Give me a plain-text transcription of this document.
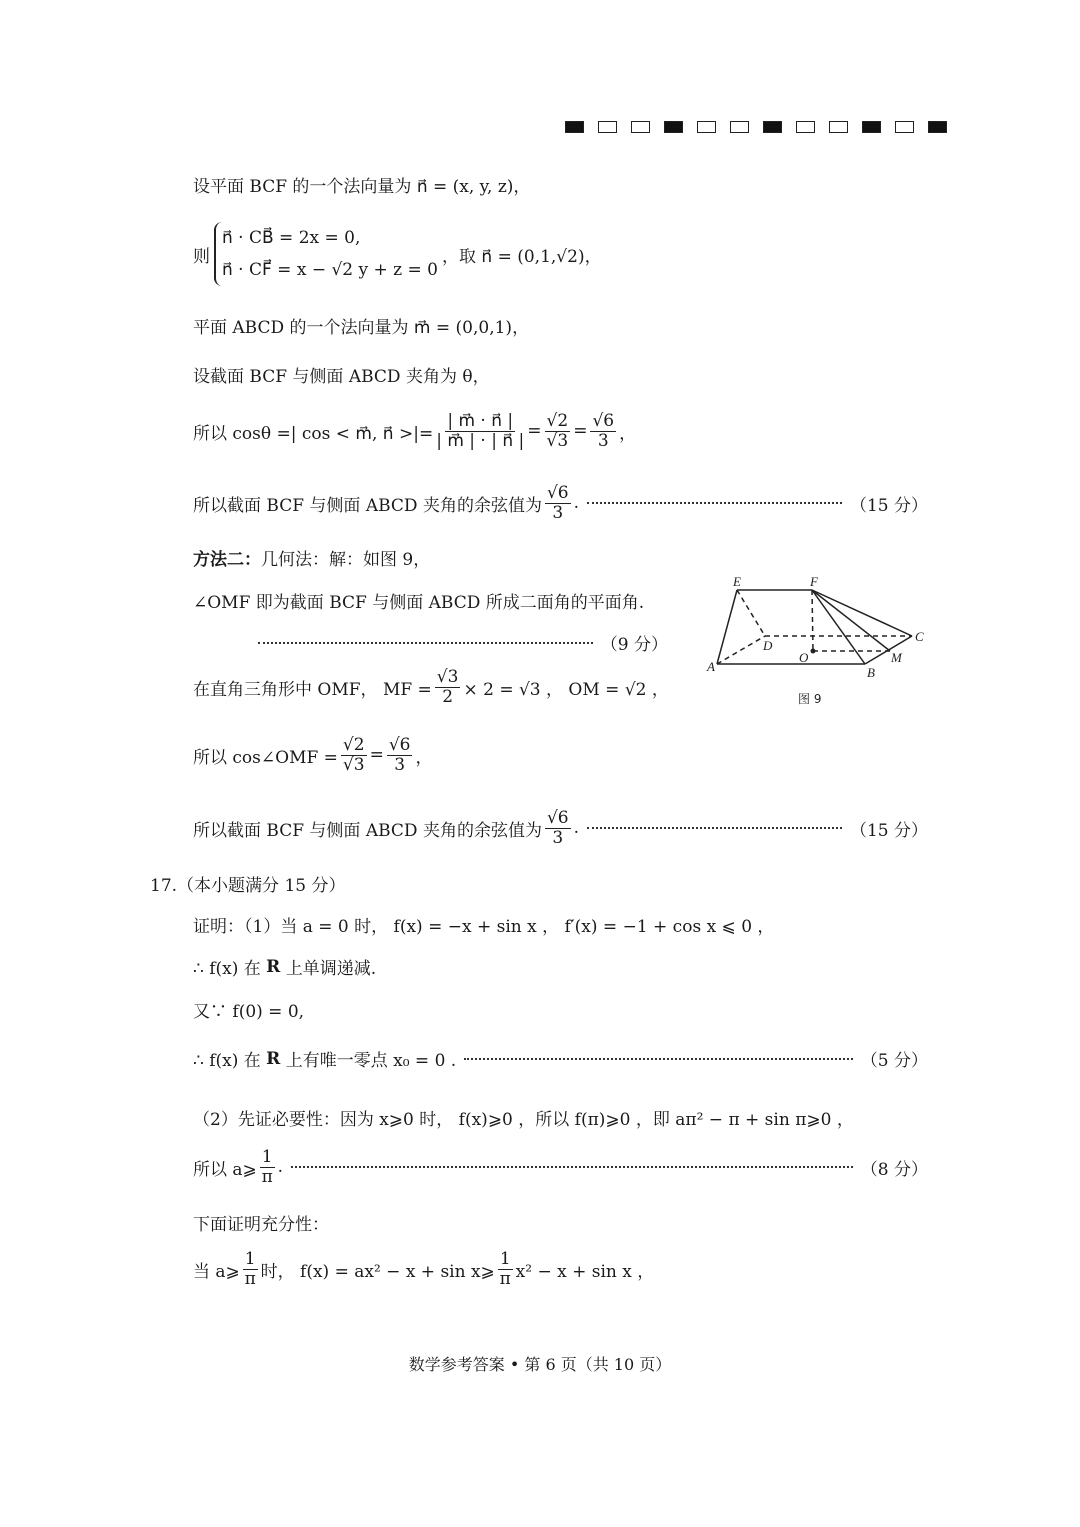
设平面 BCF 的一个法向量为 n⃗ = (x, y, z)，
则
n⃗ · CB⃗ = 2x = 0,
n⃗ · CF⃗ = x − √2 y + z = 0
，取 n⃗ = (0,1,√2)，
平面 ABCD 的一个法向量为 m⃗ = (0,0,1)，
设截面 BCF 与侧面 ABCD 夹角为 θ，
所以 cosθ =| cos < m⃗, n⃗ >|= $\frac{| m⃗ \cdot n⃗ |}{| m⃗ | \cdot | n⃗ |} = \frac{√2}{√3} = \frac{√6}{3}$ ，
所以截面 BCF 与侧面 ABCD 夹角的余弦值为 $\frac{√6}{3}$ .	（15 分）
方法二： 几何法：解：如图 9，
∠OMF 即为截面 BCF 与侧面 ABCD 所成二面角的平面角.
（9 分）
在直角三角形中 OMF， MF = $\frac{√3}{2} \times 2 = √3$ ， OM = √2 ，
所以 cos∠OMF = $\frac{√2}{√3} = \frac{√6}{3}$ ，
所以截面 BCF 与侧面 ABCD 夹角的余弦值为 $\frac{√6}{3}$ .	（15 分）
17.（本小题满分 15 分）
证明：（1）当 a = 0 时， f(x) = −x + sin x ， f′(x) = −1 + cos x ⩽ 0 ，
∴ f(x) 在 R 上单调递减.
又∵ f(0) = 0,
∴ f(x) 在 R 上有唯一零点 x₀ = 0 .	（5 分）
（2）先证必要性：因为 x⩾0 时， f(x)⩾0 ，所以 f(π)⩾0 ，即 aπ² − π + sin π⩾0 ，
所以 a⩾ $\frac{1}{\pi}$ .	（8 分）
下面证明充分性：
当 a⩾ $\frac{1}{\pi}$ 时， f(x) = ax² − x + sin x⩾ $\frac{1}{\pi} x^2 - x + \sin x$ ，
E	F
D
C
A	B
O	M
图 9
数学参考答案 • 第 6 页（共 10 页）
